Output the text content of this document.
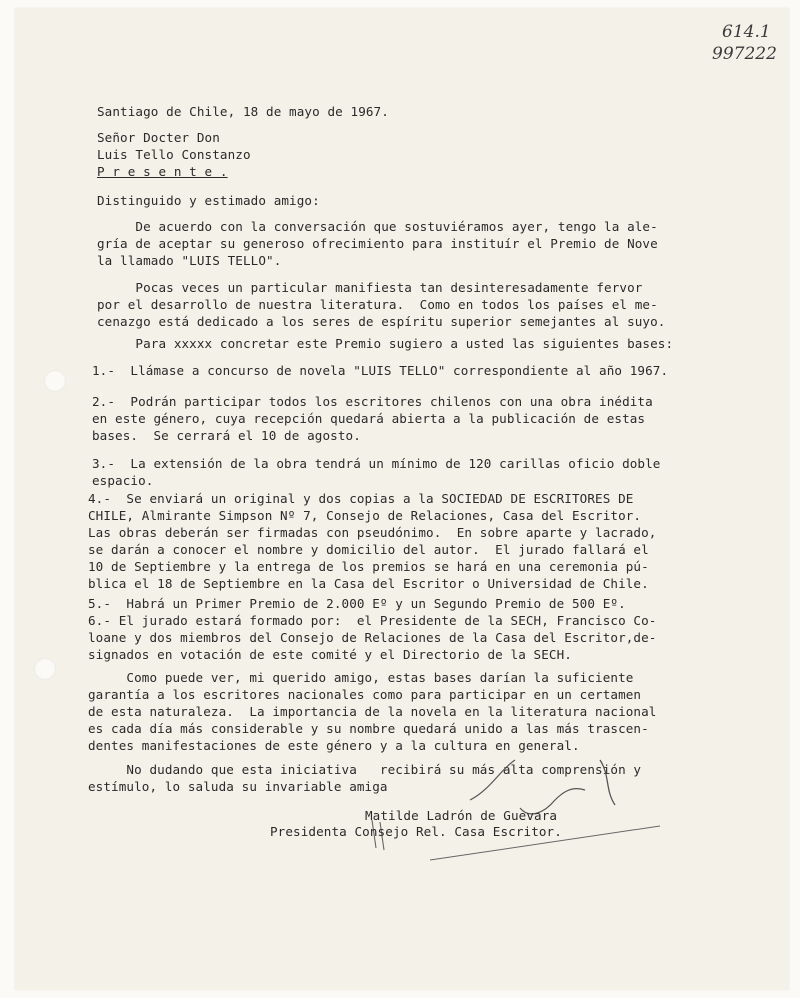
614.1
997222
Santiago de Chile, 18 de mayo de 1967.
Señor Docter Don
Luis Tello Constanzo
P r e s e n t e .
Distinguido y estimado amigo:
De acuerdo con la conversación que sostuviéramos ayer, tengo la ale-
gría de aceptar su generoso ofrecimiento para instituír el Premio de Nove
la llamado "LUIS TELLO".
Pocas veces un particular manifiesta tan desinteresadamente fervor
por el desarrollo de nuestra literatura.  Como en todos los países el me-
cenazgo está dedicado a los seres de espíritu superior semejantes al suyo.
Para xxxxx concretar este Premio sugiero a usted las siguientes bases:
1.-  Llámase a concurso de novela "LUIS TELLO" correspondiente al año 1967.
2.-  Podrán participar todos los escritores chilenos con una obra inédita
en este género, cuya recepción quedará abierta a la publicación de estas
bases.  Se cerrará el 10 de agosto.
3.-  La extensión de la obra tendrá un mínimo de 120 carillas oficio doble
espacio.
4.-  Se enviará un original y dos copias a la SOCIEDAD DE ESCRITORES DE
CHILE, Almirante Simpson Nº 7, Consejo de Relaciones, Casa del Escritor.
Las obras deberán ser firmadas con pseudónimo.  En sobre aparte y lacrado,
se darán a conocer el nombre y domicilio del autor.  El jurado fallará el
10 de Septiembre y la entrega de los premios se hará en una ceremonia pú-
blica el 18 de Septiembre en la Casa del Escritor o Universidad de Chile.
5.-  Habrá un Primer Premio de 2.000 Eº y un Segundo Premio de 500 Eº.
6.- El jurado estará formado por:  el Presidente de la SECH, Francisco Co-
loane y dos miembros del Consejo de Relaciones de la Casa del Escritor,de-
signados en votación de este comité y el Directorio de la SECH.
Como puede ver, mi querido amigo, estas bases darían la suficiente
garantía a los escritores nacionales como para participar en un certamen
de esta naturaleza.  La importancia de la novela en la literatura nacional
es cada día más considerable y su nombre quedará unido a las más trascen-
dentes manifestaciones de este género y a la cultura en general.
No dudando que esta iniciativa   recibirá su más alta comprensión y
estímulo, lo saluda su invariable amiga
Matilde Ladrón de Guevara
Presidenta Consejo Rel. Casa Escritor.
